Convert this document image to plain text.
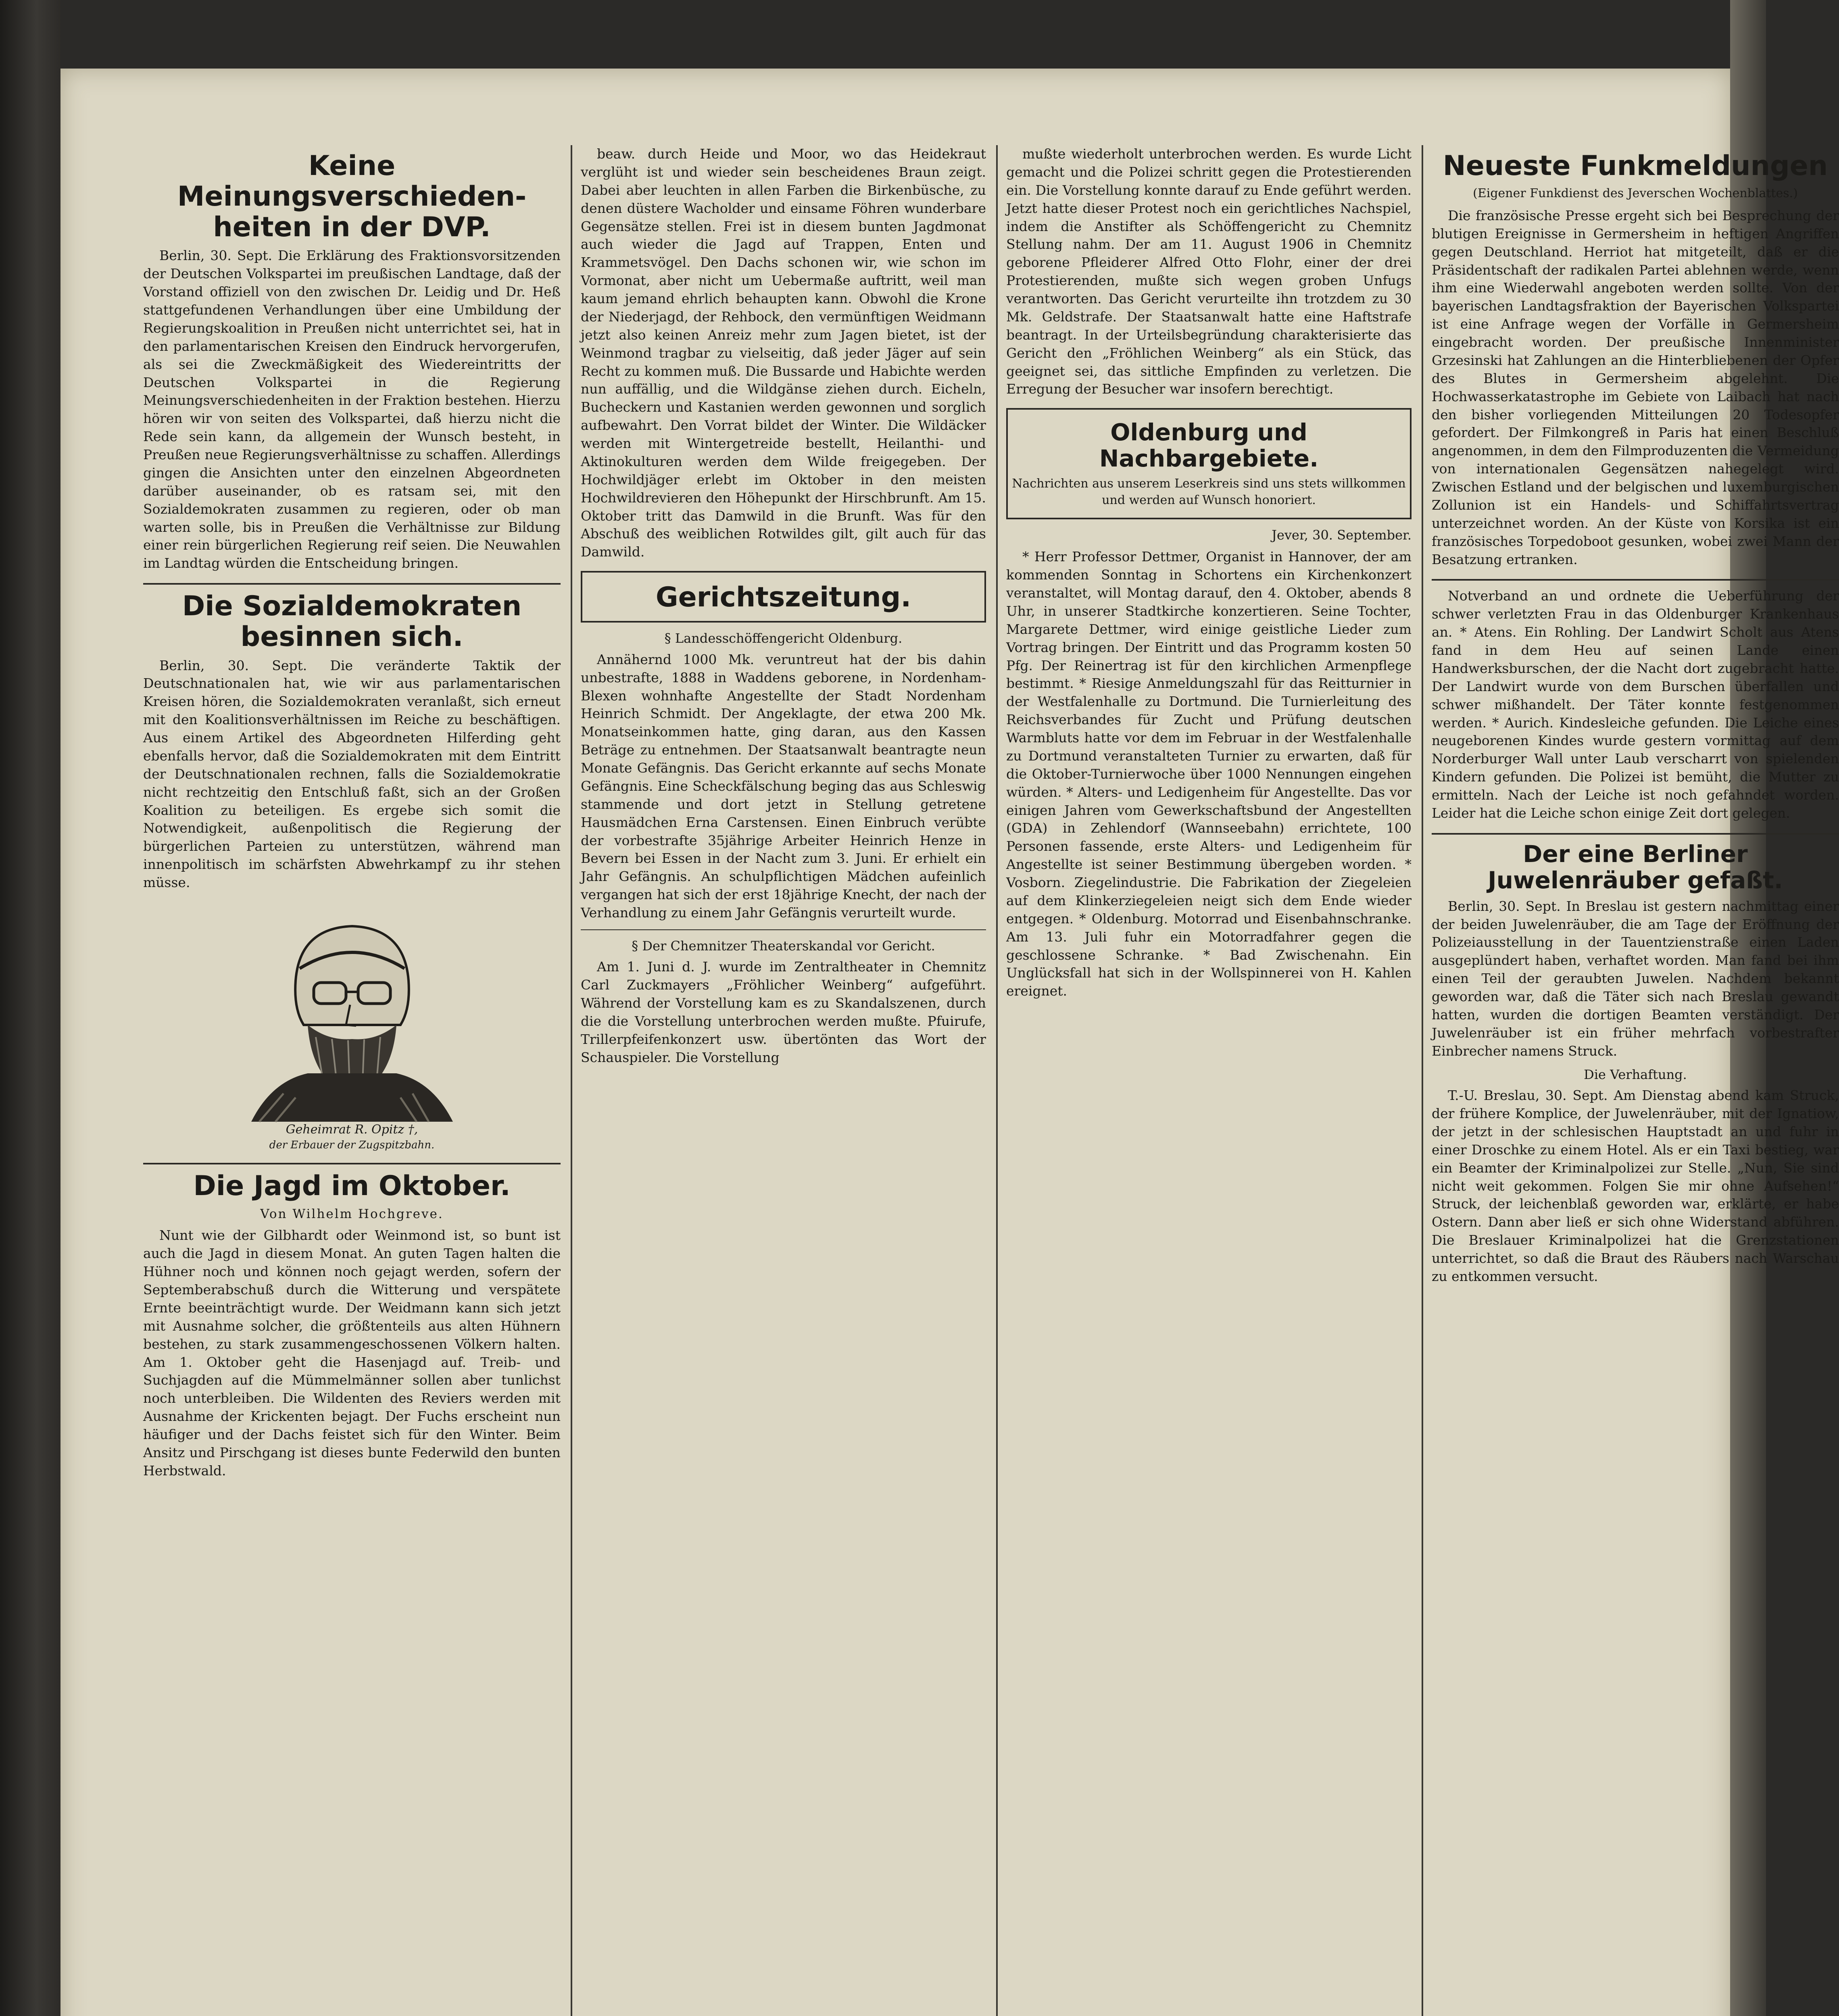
Keine Meinungsverschieden-heiten in der DVP.
Berlin, 30. Sept. Die Erklärung des Fraktionsvorsitzenden der Deutschen Volkspartei im preußischen Landtage, daß der Vorstand offiziell von den zwischen Dr. Leidig und Dr. Heß stattgefundenen Verhandlungen über eine Umbildung der Regierungskoalition in Preußen nicht unterrichtet sei, hat in den parlamentarischen Kreisen den Eindruck hervorgerufen, als sei die Zweckmäßigkeit des Wiedereintritts der Deutschen Volkspartei in die Regierung Meinungsverschiedenheiten in der Fraktion bestehen. Hierzu hören wir von seiten des Volkspartei, daß hierzu nicht die Rede sein kann, da allgemein der Wunsch besteht, in Preußen neue Regierungsverhältnisse zu schaffen. Allerdings gingen die Ansichten unter den einzelnen Abgeordneten darüber auseinander, ob es ratsam sei, mit den Sozialdemokraten zusammen zu regieren, oder ob man warten solle, bis in Preußen die Verhältnisse zur Bildung einer rein bürgerlichen Regierung reif seien. Die Neuwahlen im Landtag würden die Entscheidung bringen.
Die Sozialdemokraten besinnen sich.
Berlin, 30. Sept. Die veränderte Taktik der Deutschnationalen hat, wie wir aus parlamentarischen Kreisen hören, die Sozialdemokraten veranlaßt, sich erneut mit den Koalitionsverhältnissen im Reiche zu beschäftigen. Aus einem Artikel des Abgeordneten Hilferding geht ebenfalls hervor, daß die Sozialdemokraten mit dem Eintritt der Deutschnationalen rechnen, falls die Sozialdemokratie nicht rechtzeitig den Entschluß faßt, sich an der Großen Koalition zu beteiligen. Es ergebe sich somit die Notwendigkeit, außenpolitisch die Regierung der bürgerlichen Parteien zu unterstützen, während man innenpolitisch im schärfsten Abwehrkampf zu ihr stehen müsse.
Geheimrat R. Opitz †,
der Erbauer der Zugspitzbahn.
Die Jagd im Oktober.
Von Wilhelm Hochgreve.
Nunt wie der Gilbhardt oder Weinmond ist, so bunt ist auch die Jagd in diesem Monat. An guten Tagen halten die Hühner noch und können noch gejagt werden, sofern der Septemberabschuß durch die Witterung und verspätete Ernte beeinträchtigt wurde. Der Weidmann kann sich jetzt mit Ausnahme solcher, die größtenteils aus alten Hühnern bestehen, zu stark zusammengeschossenen Völkern halten. Am 1. Oktober geht die Hasenjagd auf. Treib- und Suchjagden auf die Mümmelmänner sollen aber tunlichst noch unterbleiben. Die Wildenten des Reviers werden mit Ausnahme der Krickenten bejagt. Der Fuchs erscheint nun häufiger und der Dachs feistet sich für den Winter. Beim Ansitz und Pirschgang ist dieses bunte Federwild den bunten Herbstwald.
beaw. durch Heide und Moor, wo das Heidekraut verglüht ist und wieder sein bescheidenes Braun zeigt. Dabei aber leuchten in allen Farben die Birkenbüsche, zu denen düstere Wacholder und einsame Föhren wunderbare Gegensätze stellen. Frei ist in diesem bunten Jagdmonat auch wieder die Jagd auf Trappen, Enten und Krammetsvögel. Den Dachs schonen wir, wie schon im Vormonat, aber nicht um Uebermaße auftritt, weil man kaum jemand ehrlich behaupten kann. Obwohl die Krone der Niederjagd, der Rehbock, den vermünftigen Weidmann jetzt also keinen Anreiz mehr zum Jagen bietet, ist der Weinmond tragbar zu vielseitig, daß jeder Jäger auf sein Recht zu kommen muß. Die Bussarde und Habichte werden nun auffällig, und die Wildgänse ziehen durch. Eicheln, Bucheckern und Kastanien werden gewonnen und sorglich aufbewahrt. Den Vorrat bildet der Winter. Die Wildäcker werden mit Wintergetreide bestellt, Heilanthi- und Aktinokulturen werden dem Wilde freigegeben. Der Hochwildjäger erlebt im Oktober in den meisten Hochwildrevieren den Höhepunkt der Hirschbrunft. Am 15. Oktober tritt das Damwild in die Brunft. Was für den Abschuß des weiblichen Rotwildes gilt, gilt auch für das Damwild.
Gerichtszeitung.
§ Landesschöffengericht Oldenburg.
Annähernd 1000 Mk. veruntreut hat der bis dahin unbestrafte, 1888 in Waddens geborene, in Nordenham-Blexen wohnhafte Angestellte der Stadt Nordenham Heinrich Schmidt. Der Angeklagte, der etwa 200 Mk. Monatseinkommen hatte, ging daran, aus den Kassen Beträge zu entnehmen. Der Staatsanwalt beantragte neun Monate Gefängnis. Das Gericht erkannte auf sechs Monate Gefängnis. Eine Scheckfälschung beging das aus Schleswig stammende und dort jetzt in Stellung getretene Hausmädchen Erna Carstensen. Einen Einbruch verübte der vorbestrafte 35jährige Arbeiter Heinrich Henze in Bevern bei Essen in der Nacht zum 3. Juni. Er erhielt ein Jahr Gefängnis. An schulpflichtigen Mädchen aufeinlich vergangen hat sich der erst 18jährige Knecht, der nach der Verhandlung zu einem Jahr Gefängnis verurteilt wurde.
§ Der Chemnitzer Theaterskandal vor Gericht.
Am 1. Juni d. J. wurde im Zentraltheater in Chemnitz Carl Zuckmayers „Fröhlicher Weinberg“ aufgeführt. Während der Vorstellung kam es zu Skandalszenen, durch die die Vorstellung unterbrochen werden mußte. Pfuirufe, Trillerpfeifenkonzert usw. übertönten das Wort der Schauspieler. Die Vorstellung
mußte wiederholt unterbrochen werden. Es wurde Licht gemacht und die Polizei schritt gegen die Protestierenden ein. Die Vorstellung konnte darauf zu Ende geführt werden. Jetzt hatte dieser Protest noch ein gerichtliches Nachspiel, indem die Anstifter als Schöffengericht zu Chemnitz Stellung nahm. Der am 11. August 1906 in Chemnitz geborene Pfleiderer Alfred Otto Flohr, einer der drei Protestierenden, mußte sich wegen groben Unfugs verantworten. Das Gericht verurteilte ihn trotzdem zu 30 Mk. Geldstrafe. Der Staatsanwalt hatte eine Haftstrafe beantragt. In der Urteilsbegründung charakterisierte das Gericht den „Fröhlichen Weinberg“ als ein Stück, das geeignet sei, das sittliche Empfinden zu verletzen. Die Erregung der Besucher war insofern berechtigt.
Oldenburg und Nachbargebiete.
Nachrichten aus unserem Leserkreis sind uns stets willkommen und werden auf Wunsch honoriert.
Jever, 30. September.
* Herr Professor Dettmer, Organist in Hannover, der am kommenden Sonntag in Schortens ein Kirchenkonzert veranstaltet, will Montag darauf, den 4. Oktober, abends 8 Uhr, in unserer Stadtkirche konzertieren. Seine Tochter, Margarete Dettmer, wird einige geistliche Lieder zum Vortrag bringen. Der Eintritt und das Programm kosten 50 Pfg. Der Reinertrag ist für den kirchlichen Armenpflege bestimmt. * Riesige Anmeldungszahl für das Reitturnier in der Westfalenhalle zu Dortmund. Die Turnierleitung des Reichsverbandes für Zucht und Prüfung deutschen Warmbluts hatte vor dem im Februar in der Westfalenhalle zu Dortmund veranstalteten Turnier zu erwarten, daß für die Oktober-Turnierwoche über 1000 Nennungen eingehen würden. * Alters- und Ledigenheim für Angestellte. Das vor einigen Jahren vom Gewerkschaftsbund der Angestellten (GDA) in Zehlendorf (Wannseebahn) errichtete, 100 Personen fassende, erste Alters- und Ledigenheim für Angestellte ist seiner Bestimmung übergeben worden. * Vosborn. Ziegelindustrie. Die Fabrikation der Ziegeleien auf dem Klinkerziegeleien neigt sich dem Ende wieder entgegen. * Oldenburg. Motorrad und Eisenbahnschranke. Am 13. Juli fuhr ein Motorradfahrer gegen die geschlossene Schranke. * Bad Zwischenahn. Ein Unglücksfall hat sich in der Wollspinnerei von H. Kahlen ereignet.
Neueste Funkmeldungen
(Eigener Funkdienst des Jeverschen Wochenblattes.)
Die französische Presse ergeht sich bei Besprechung der blutigen Ereignisse in Germersheim in heftigen Angriffen gegen Deutschland. Herriot hat mitgeteilt, daß er die Präsidentschaft der radikalen Partei ablehnen werde, wenn ihm eine Wiederwahl angeboten werden sollte. Von der bayerischen Landtagsfraktion der Bayerischen Volkspartei ist eine Anfrage wegen der Vorfälle in Germersheim eingebracht worden. Der preußische Innenminister Grzesinski hat Zahlungen an die Hinterbliebenen der Opfer des Blutes in Germersheim abgelehnt. Die Hochwasserkatastrophe im Gebiete von Laibach hat nach den bisher vorliegenden Mitteilungen 20 Todesopfer gefordert. Der Filmkongreß in Paris hat einen Beschluß angenommen, in dem den Filmproduzenten die Vermeidung von internationalen Gegensätzen nahegelegt wird. Zwischen Estland und der belgischen und luxemburgischen Zollunion ist ein Handels- und Schiffahrtsvertrag unterzeichnet worden. An der Küste von Korsika ist ein französisches Torpedoboot gesunken, wobei zwei Mann der Besatzung ertranken.
Notverband an und ordnete die Ueberführung der schwer verletzten Frau in das Oldenburger Krankenhaus an. * Atens. Ein Rohling. Der Landwirt Scholt aus Atens fand in dem Heu auf seinen Lande einen Handwerksburschen, der die Nacht dort zugebracht hatte. Der Landwirt wurde von dem Burschen überfallen und schwer mißhandelt. Der Täter konnte festgenommen werden. * Aurich. Kindesleiche gefunden. Die Leiche eines neugeborenen Kindes wurde gestern vormittag auf dem Norderburger Wall unter Laub verscharrt von spielenden Kindern gefunden. Die Polizei ist bemüht, die Mutter zu ermitteln. Nach der Leiche ist noch gefahndet worden. Leider hat die Leiche schon einige Zeit dort gelegen.
Der eine Berliner Juwelenräuber gefaßt.
Berlin, 30. Sept. In Breslau ist gestern nachmittag einer der beiden Juwelenräuber, die am Tage der Eröffnung der Polizeiausstellung in der Tauentzienstraße einen Laden ausgeplündert haben, verhaftet worden. Man fand bei ihm einen Teil der geraubten Juwelen. Nachdem bekannt geworden war, daß die Täter sich nach Breslau gewandt hatten, wurden die dortigen Beamten verständigt. Der Juwelenräuber ist ein früher mehrfach vorbestrafter Einbrecher namens Struck.
Die Verhaftung.
T.-U. Breslau, 30. Sept. Am Dienstag abend kam Struck, der frühere Komplice, der Juwelenräuber, mit der Ignatiow, der jetzt in der schlesischen Hauptstadt an und fuhr in einer Droschke zu einem Hotel. Als er ein Taxi bestieg, war ein Beamter der Kriminalpolizei zur Stelle. „Nun, Sie sind nicht weit gekommen. Folgen Sie mir ohne Aufsehen!“ Struck, der leichenblaß geworden war, erklärte, er habe Ostern. Dann aber ließ er sich ohne Widerstand abführen. Die Breslauer Kriminalpolizei hat die Grenzstationen unterrichtet, so daß die Braut des Räubers nach Warschau zu entkommen versucht.
